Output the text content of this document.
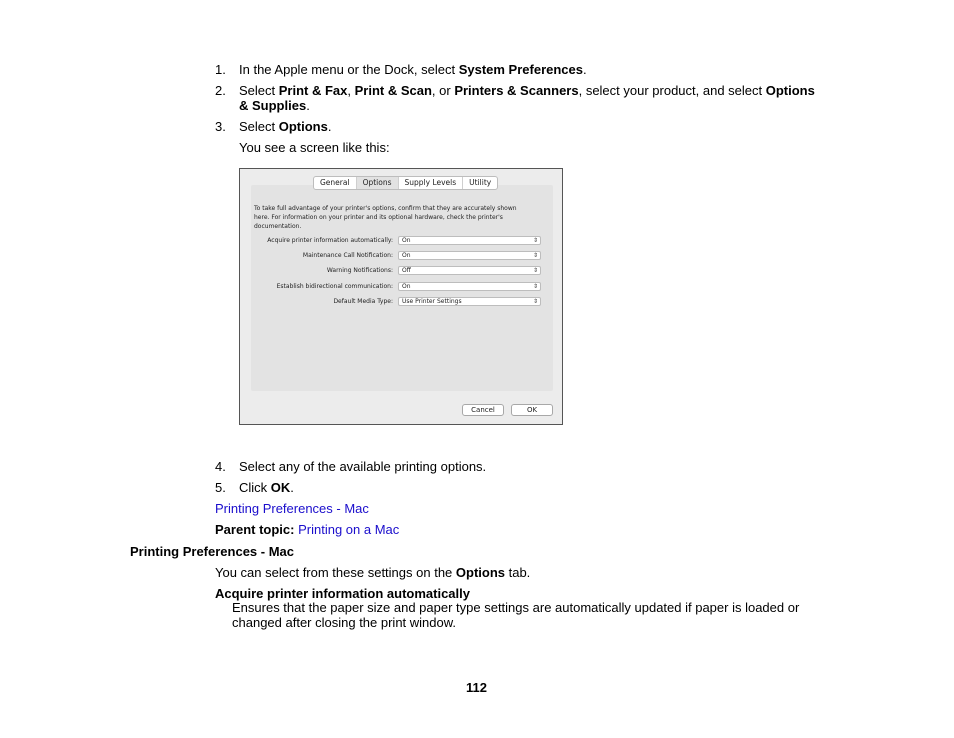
1. In the Apple menu or the Dock, select System Preferences.
2. Select Print & Fax, Print & Scan, or Printers & Scanners, select your product, and select Options
& Supplies.
3. Select Options.
You see a screen like this:
General	Options	Supply Levels	Utility
To take full advantage of your printer's options, confirm that they are accurately shown
here. For information on your printer and its optional hardware, check the printer's
documentation.
Acquire printer information automatically: On	⇕
Maintenance Call Notification: On	⇕
Warning Notifications: Off	⇕
Establish bidirectional communication: On	⇕
Default Media Type: Use Printer Settings	⇕
Cancel	OK
4. Select any of the available printing options.
5. Click OK.
Printing Preferences - Mac
Parent topic: Printing on a Mac
Printing Preferences - Mac
You can select from these settings on the Options tab.
Acquire printer information automatically
Ensures that the paper size and paper type settings are automatically updated if paper is loaded or
changed after closing the print window.
112
